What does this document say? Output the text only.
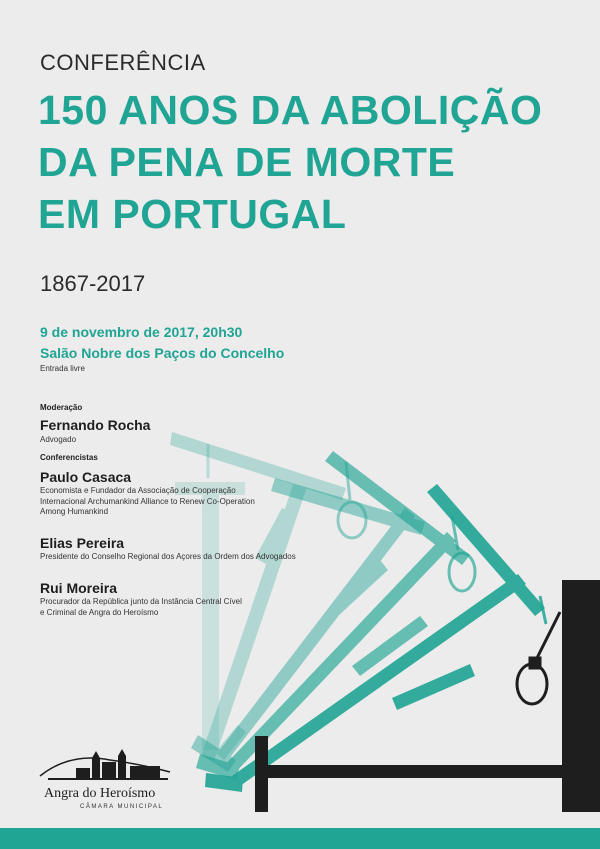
CONFERÊNCIA
150 ANOS DA ABOLIÇÃO
DA PENA DE MORTE
EM PORTUGAL
1867-2017
9 de novembro de 2017, 20h30
Salão Nobre dos Paços do Concelho
Entrada livre
Moderação
Fernando Rocha
Advogado
Conferencistas
Paulo Casaca
Economista e Fundador da Associação de Cooperação
Internacional Archumankind Alliance to Renew Co-Operation
Among Humankind
Elias Pereira
Presidente do Conselho Regional dos Açores da Ordem dos Advogados
Rui Moreira
Procurador da República junto da Instância Central Cível
e Criminal de Angra do Heroísmo
Angra do Heroísmo
CÂMARA MUNICIPAL
